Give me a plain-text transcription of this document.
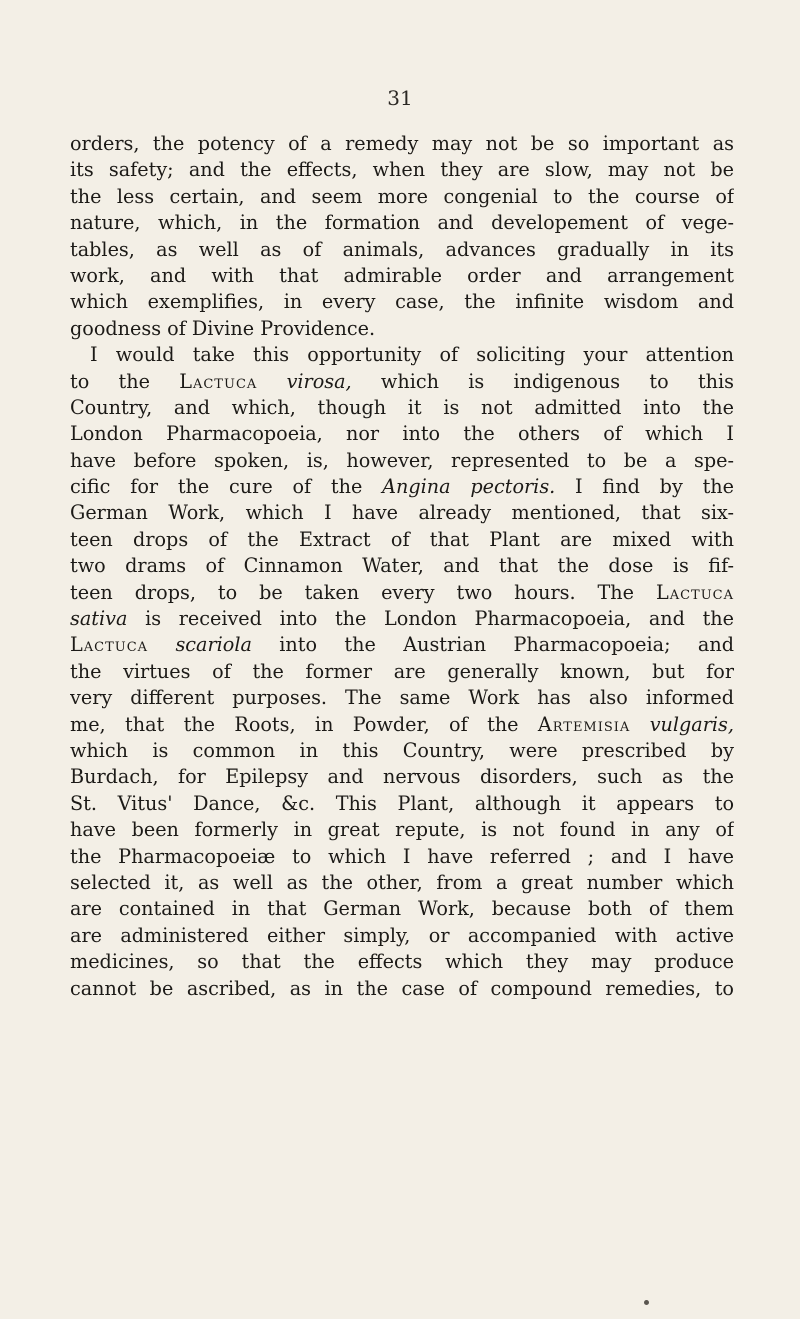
31
orders, the potency of a remedy may not be so important as
its safety; and the effects, when they are slow, may not be
the less certain, and seem more congenial to the course of
nature, which, in the formation and developement of vege-
tables, as well as of animals, advances gradually in its
work, and with that admirable order and arrangement
which exemplifies, in every case, the infinite wisdom and
goodness of Divine Providence.
I would take this opportunity of soliciting your attention
to the Lactuca virosa, which is indigenous to this
Country, and which, though it is not admitted into the
London Pharmacopoeia, nor into the others of which I
have before spoken, is, however, represented to be a spe-
cific for the cure of the Angina pectoris. I find by the
German Work, which I have already mentioned, that six-
teen drops of the Extract of that Plant are mixed with
two drams of Cinnamon Water, and that the dose is fif-
teen drops, to be taken every two hours. The Lactuca
sativa is received into the London Pharmacopoeia, and the
Lactuca scariola into the Austrian Pharmacopoeia; and
the virtues of the former are generally known, but for
very different purposes. The same Work has also informed
me, that the Roots, in Powder, of the Artemisia vulgaris,
which is common in this Country, were prescribed by
Burdach, for Epilepsy and nervous disorders, such as the
St. Vitus' Dance, &c. This Plant, although it appears to
have been formerly in great repute, is not found in any of
the Pharmacopoeiæ to which I have referred ; and I have
selected it, as well as the other, from a great number which
are contained in that German Work, because both of them
are administered either simply, or accompanied with active
medicines, so that the effects which they may produce
cannot be ascribed, as in the case of compound remedies, to
